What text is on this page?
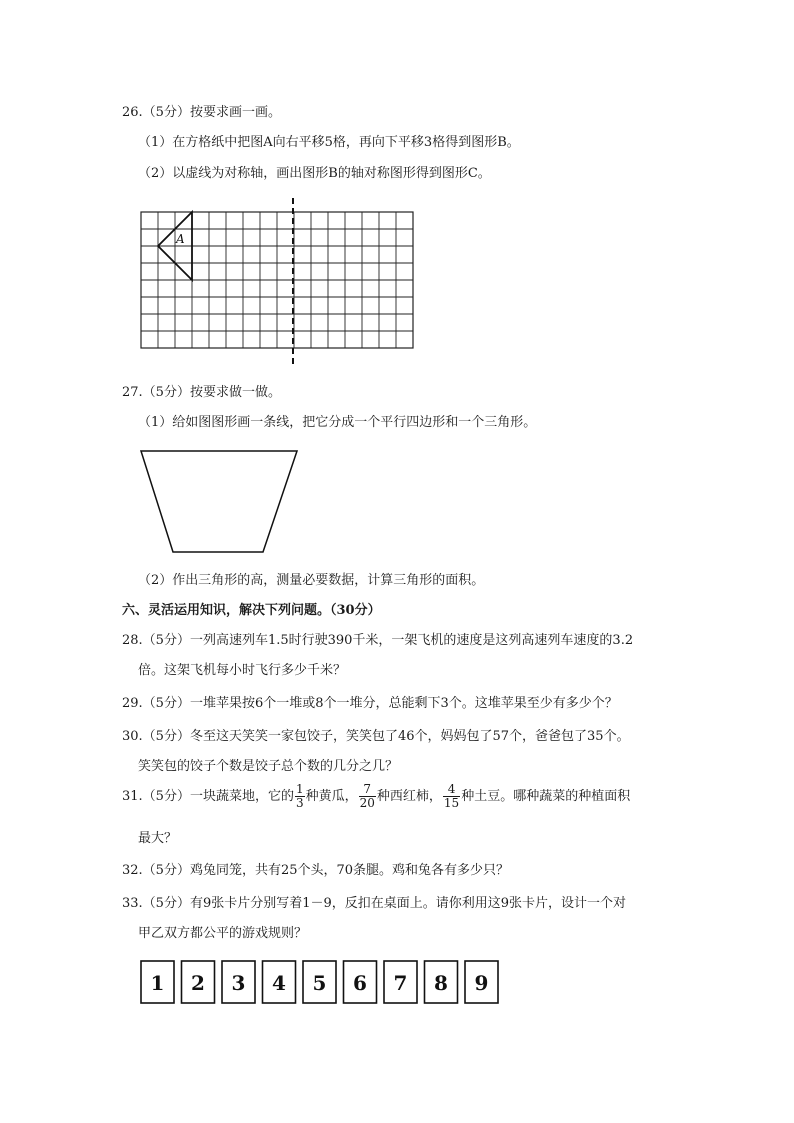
26.（5分）按要求画一画。
（1）在方格纸中把图A向右平移5格，再向下平移3格得到图形B。
（2）以虚线为对称轴，画出图形B的轴对称图形得到图形C。
A
1 2 3 4 5 6 7 8 9
27.（5分）按要求做一做。
（1）给如图图形画一条线，把它分成一个平行四边形和一个三角形。
（2）作出三角形的高，测量必要数据，计算三角形的面积。
六、灵活运用知识，解决下列问题。（30分）
28.（5分）一列高速列车1.5时行驶390千米，一架飞机的速度是这列高速列车速度的3.2
倍。这架飞机每小时飞行多少千米？
29.（5分）一堆苹果按6个一堆或8个一堆分，总能剩下3个。这堆苹果至少有多少个？
30.（5分）冬至这天笑笑一家包饺子，笑笑包了46个，妈妈包了57个，爸爸包了35个。
笑笑包的饺子个数是饺子总个数的几分之几？
31.（5分）一块蔬菜地，它的 $\frac{1}{3}$ 种黄瓜， $\frac{7}{20}$ 种西红柿， $\frac{4}{15}$ 种土豆。哪种蔬菜的种植面积
最大？
32.（5分）鸡兔同笼，共有25个头，70条腿。鸡和兔各有多少只？
33.（5分）有9张卡片分别写着1－9，反扣在桌面上。请你利用这9张卡片，设计一个对
甲乙双方都公平的游戏规则？
